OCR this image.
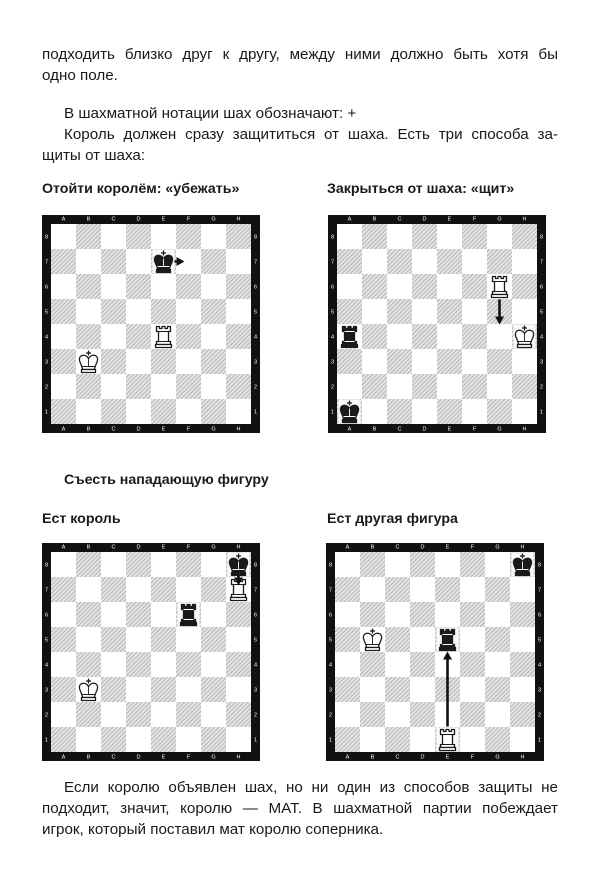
подходить близко друг к другу, между ними должно быть хотя бы

одно поле.

В шахматной нотации шах обозначают: +

Король должен сразу защититься от шаха. Есть три способа за-

щиты от шаха:

Отойти королём: «убежать»	Закрыться от шаха: «щит»

Съесть нападающую фигуру

Ест король	Ест другая фигура

A
A
B
B
C
C
D
D
E
E
F
F
G
G
H
H
8	8
7	7
6	6
5	5
4	4
3	3
2	2
1	1
A
A
B
B
C
C
D
D
E
E
F
F
G
G
H
H
8	8
7	7
6	6
5	5
4	4
3	3
2	2
1	1
A
A
B
B
C
C
D
D
E
E
F
F
G
G
H
H
8	8
7	7
6	6
5	5
4	4
3	3
2	2
1	1
A
A
B
B
C
C
D
D
E
E
F
F
G
G
H
H
8	8
7	7
6	6
5	5
4	4
3	3
2	2
1	1

Если королю объявлен шах, но ни один из способов защиты не

подходит, значит, королю — МАТ. В шахматной партии побеждает

игрок, который поставил мат королю соперника.
